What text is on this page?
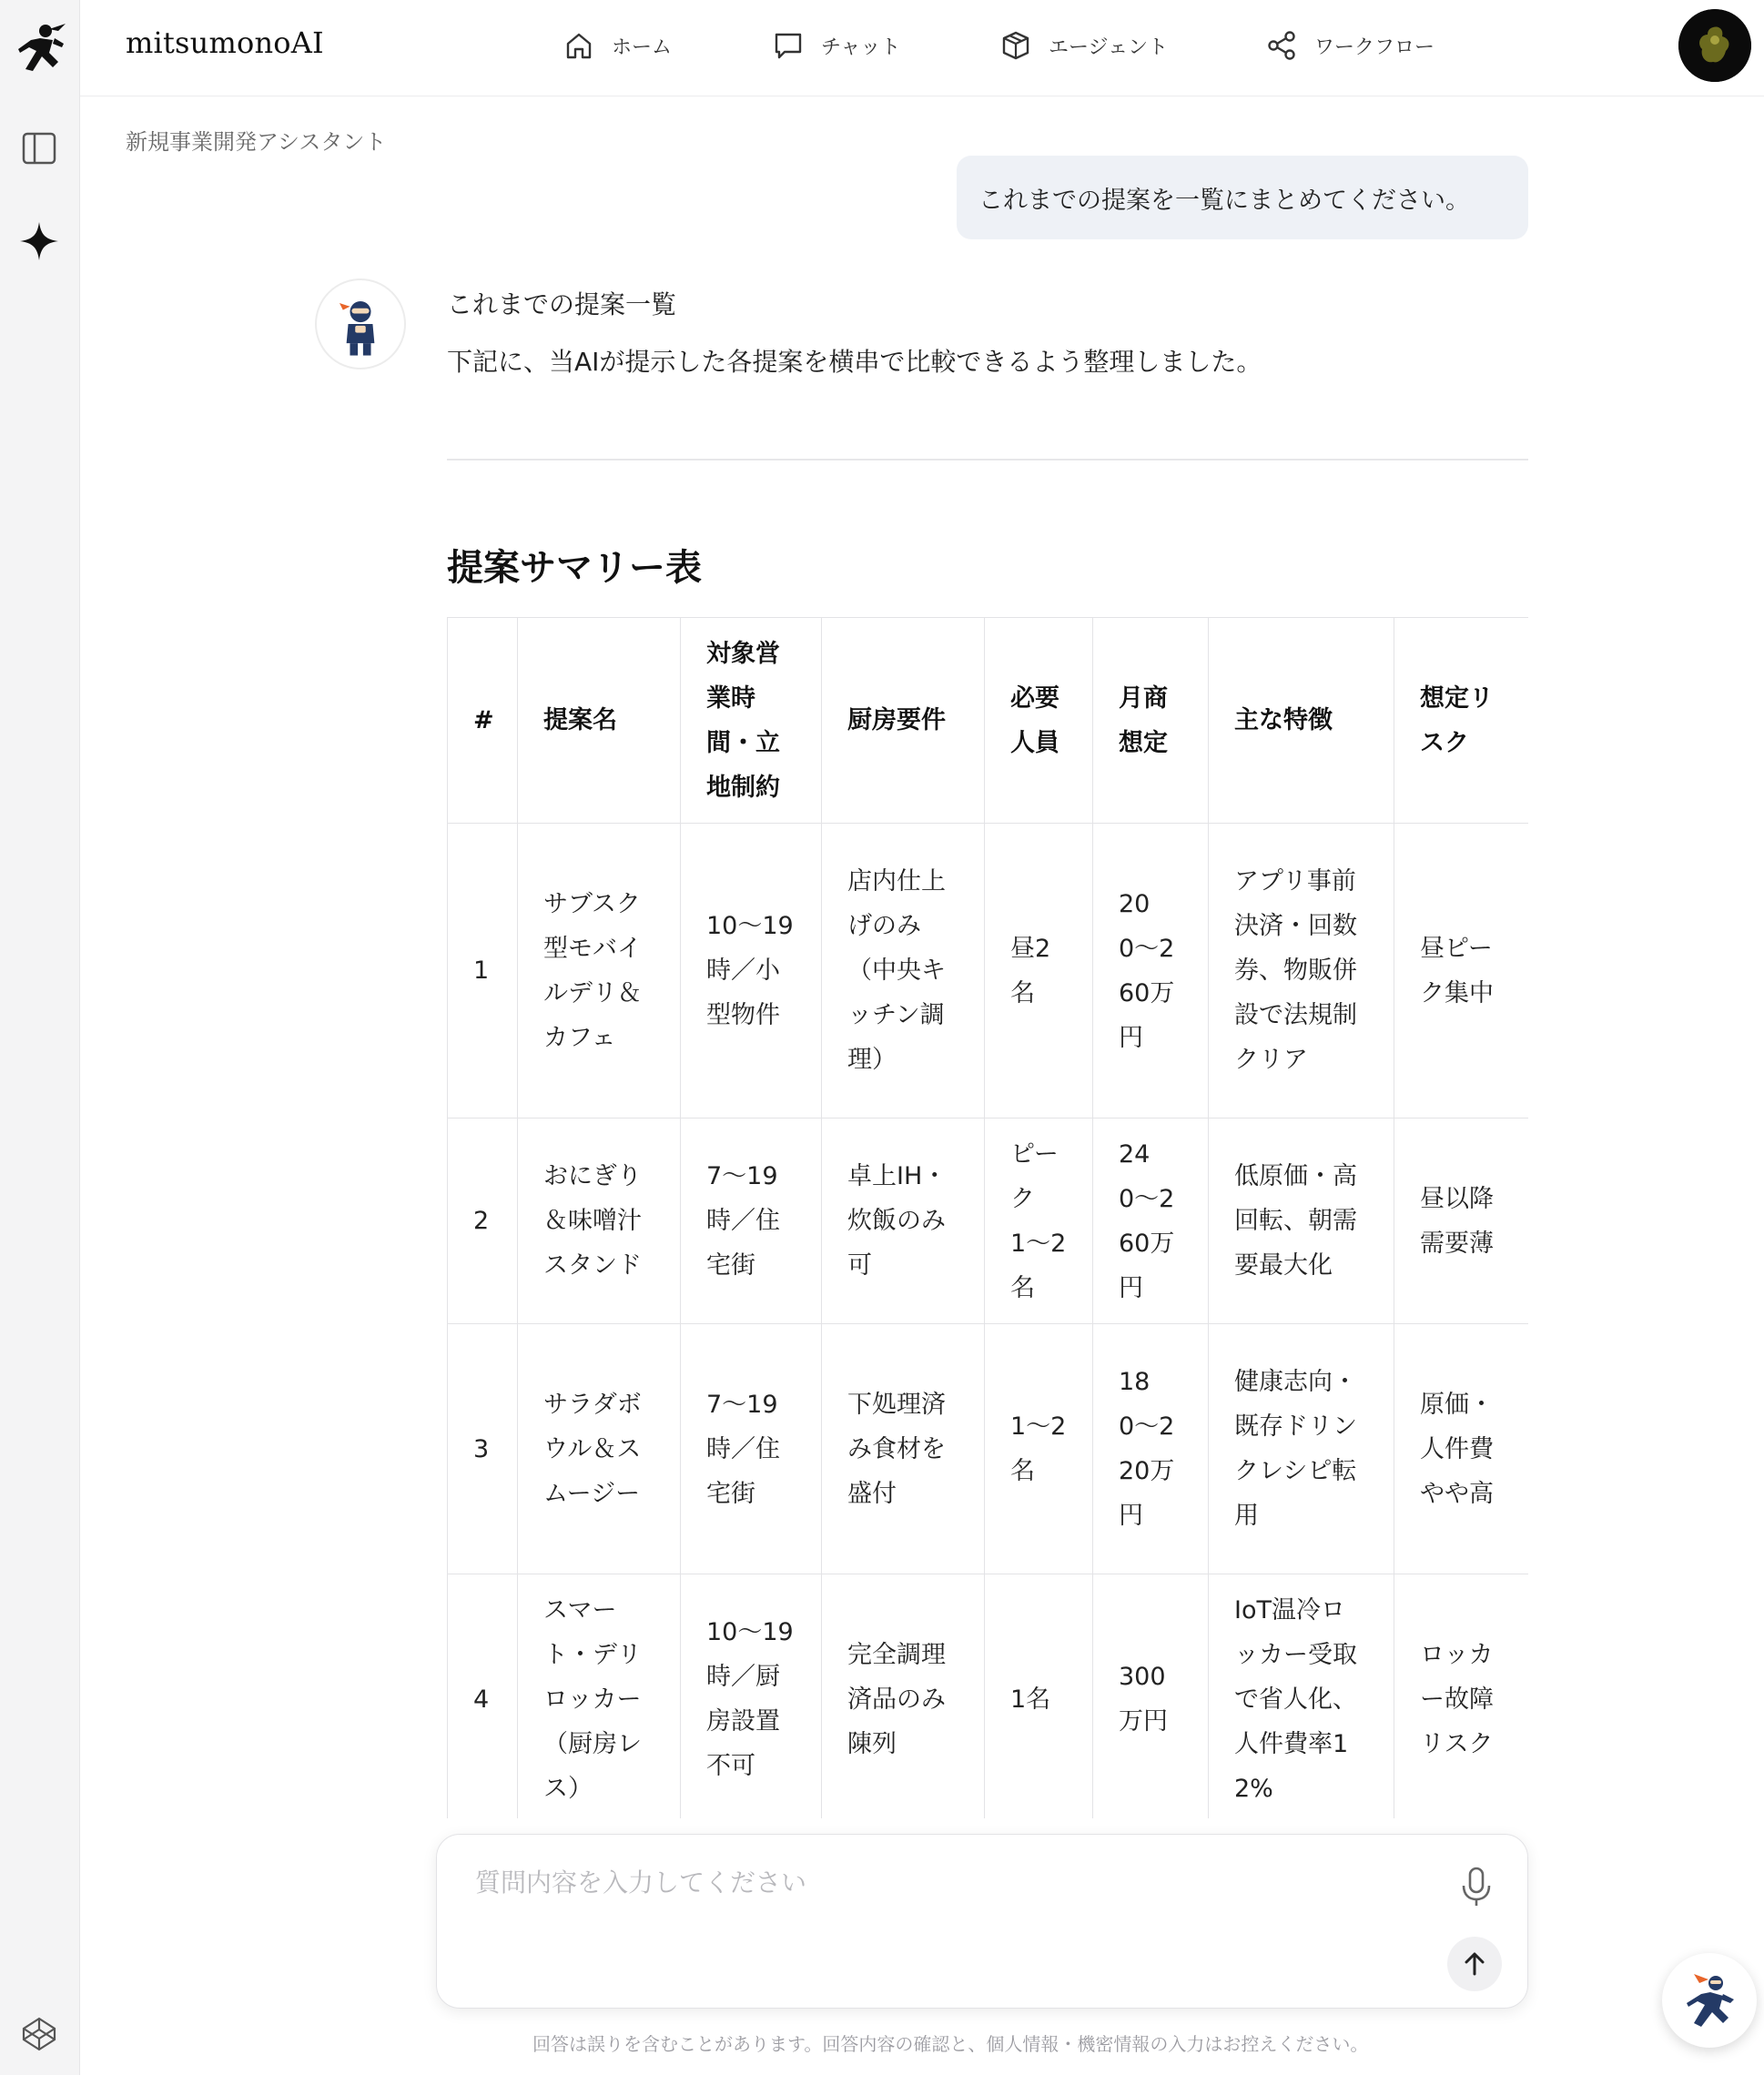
mitsumonoAI	ホーム	チャット	エージェント	ワークフロー
新規事業開発アシスタント
これまでの提案を一覧にまとめてください。
これまでの提案一覧
下記に、当AIが提示した各提案を横串で比較できるよう整理しました。
提案サマリー表
#	提案名	対象営業時間・立地制約	厨房要件	必要人員	月商想定	主な特徴	想定リスク
1	サブスク型モバイルデリ＆カフェ	10〜19時／小型物件	店内仕上げのみ（中央キッチン調理）	昼2名	200〜260万円	アプリ事前決済・回数券、物販併設で法規制クリア	昼ピーク集中
2	おにぎり＆味噌汁スタンド	7〜19時／住宅街	卓上IH・炊飯のみ可	ピーク1〜2名	240〜260万円	低原価・高回転、朝需要最大化	昼以降需要薄
3	サラダボウル＆スムージー	7〜19時／住宅街	下処理済み食材を盛付	1〜2名	180〜220万円	健康志向・既存ドリンクレシピ転用	原価・人件費やや高
4	スマート・デリロッカー（厨房レス）	10〜19時／厨房設置不可	完全調理済品のみ陳列	1名	300万円	IoT温冷ロッカー受取で省人化、人件費率12%	ロッカー故障リスク
質問内容を入力してください
回答は誤りを含むことがあります。回答内容の確認と、個人情報・機密情報の入力はお控えください。
